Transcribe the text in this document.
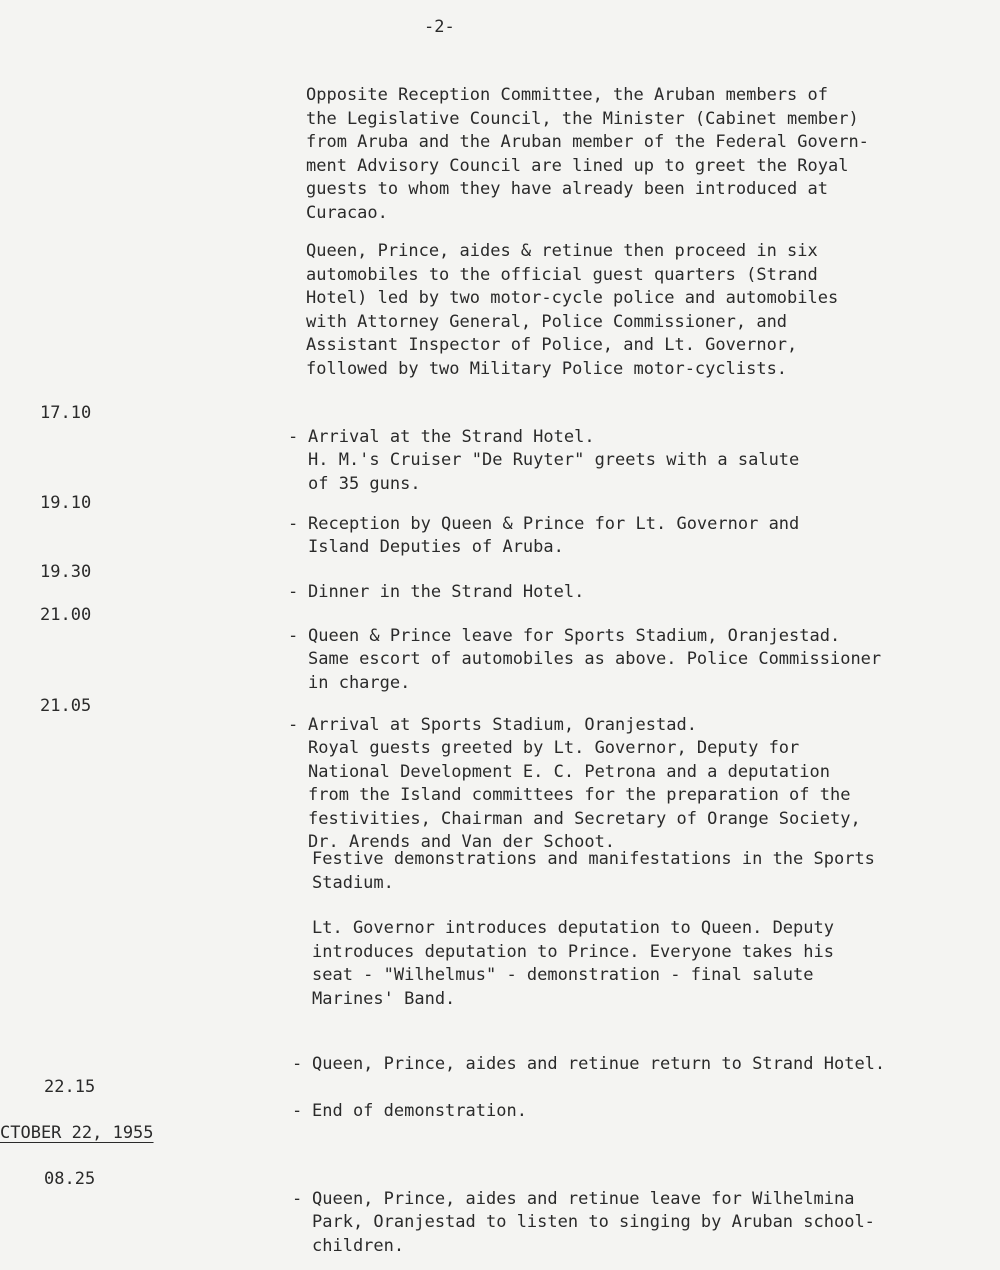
-2-

Opposite Reception Committee, the Aruban members of
the Legislative Council, the Minister (Cabinet member)
from Aruba and the Aruban member of the Federal Govern-
ment Advisory Council are lined up to greet the Royal
guests to whom they have already been introduced at
Curacao.

Queen, Prince, aides & retinue then proceed in six
automobiles to the official guest quarters (Strand
Hotel) led by two motor-cycle police and automobiles
with Attorney General, Police Commissioner, and
Assistant Inspector of Police, and Lt. Governor,
followed by two Military Police motor-cyclists.

17.10

- Arrival at the Strand Hotel.
H. M.'s Cruiser "De Ruyter" greets with a salute
of 35 guns.

19.10

- Reception by Queen & Prince for Lt. Governor and
Island Deputies of Aruba.

19.30

- Dinner in the Strand Hotel.

21.00

- Queen & Prince leave for Sports Stadium, Oranjestad.
Same escort of automobiles as above. Police Commissioner
in charge.

21.05

- Arrival at Sports Stadium, Oranjestad.
Royal guests greeted by Lt. Governor, Deputy for
National Development E. C. Petrona and a deputation
from the Island committees for the preparation of the
festivities, Chairman and Secretary of Orange Society,
Dr. Arends and Van der Schoot.

Festive demonstrations and manifestations in the Sports
Stadium.

Lt. Governor introduces deputation to Queen. Deputy
introduces deputation to Prince. Everyone takes his
seat - "Wilhelmus" - demonstration - final salute
Marines' Band.

- Queen, Prince, aides and retinue return to Strand Hotel.

22.15

- End of demonstration.

CTOBER 22, 1955
08.25

- Queen, Prince, aides and retinue leave for Wilhelmina
Park, Oranjestad to listen to singing by Aruban school-
children.
